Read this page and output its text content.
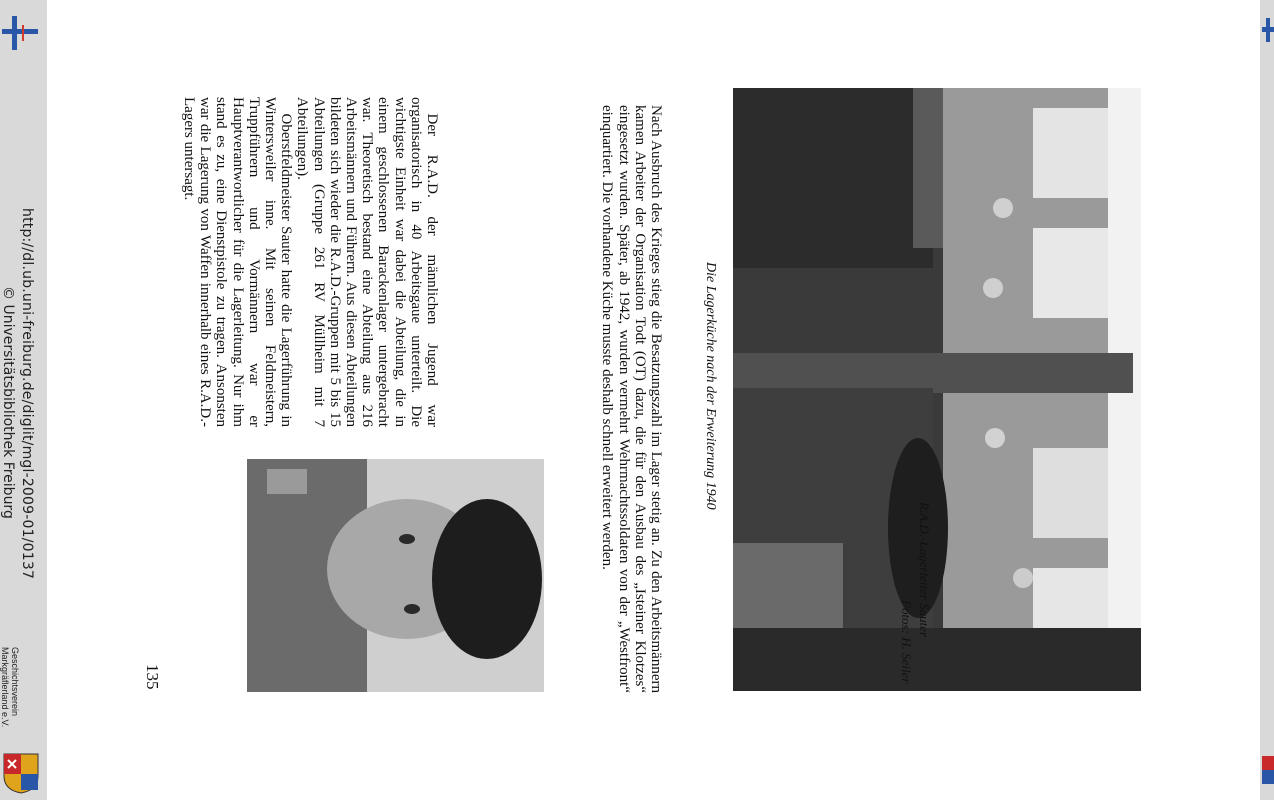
http://dl.ub.uni-freiburg.de/diglit/mgl-2009-01/0137
© Universitätsbibliothek Freiburg
Geschichtsverein Markgräflerland e.V.
Die Lagerküche nach der Erweiterung 1940

Nach Ausbruch des Krieges stieg die Besatzungszahl im Lager stetig an. Zu den Arbeitsmännern kamen Arbeiter der Organisation Todt (OT) dazu, die für den Ausbau des „Isteiner Klotzes“ eingesetzt wurden. Später, ab 1942, wurden vermehrt Wehrmachtssoldaten von der „Westfront“ einquartiert. Die vorhandene Küche musste deshalb schnell erweitert werden.

Der R.A.D. der männlichen Jugend war organisatorisch in 40 Arbeitsgaue unterteilt. Die wichtigste Einheit war dabei die Abteilung, die in einem geschlossenen Barackenlager untergebracht war. Theoretisch bestand eine Abteilung aus 216 Arbeitsmännern und Führern. Aus diesen Abteilungen bildeten sich wieder die R.A.D.-Gruppen mit 5 bis 15 Abteilungen (Gruppe 261 RV Müllheim mit 7 Abteilungen).

Oberstfeldmeister Sauter hatte die Lagerführung in Wintersweiler inne. Mit seinen Feldmeistern, Truppführern und Vormännern war er Hauptverantwortlicher für die Lagerleitung. Nur ihm stand es zu, eine Dienstpistole zu tragen. Ansonsten war die Lagerung von Waffen innerhalb eines R.A.D.-Lagers untersagt.

R.A.D.-Lagerleiter Sauter
Fotos: H. Seiler
135
